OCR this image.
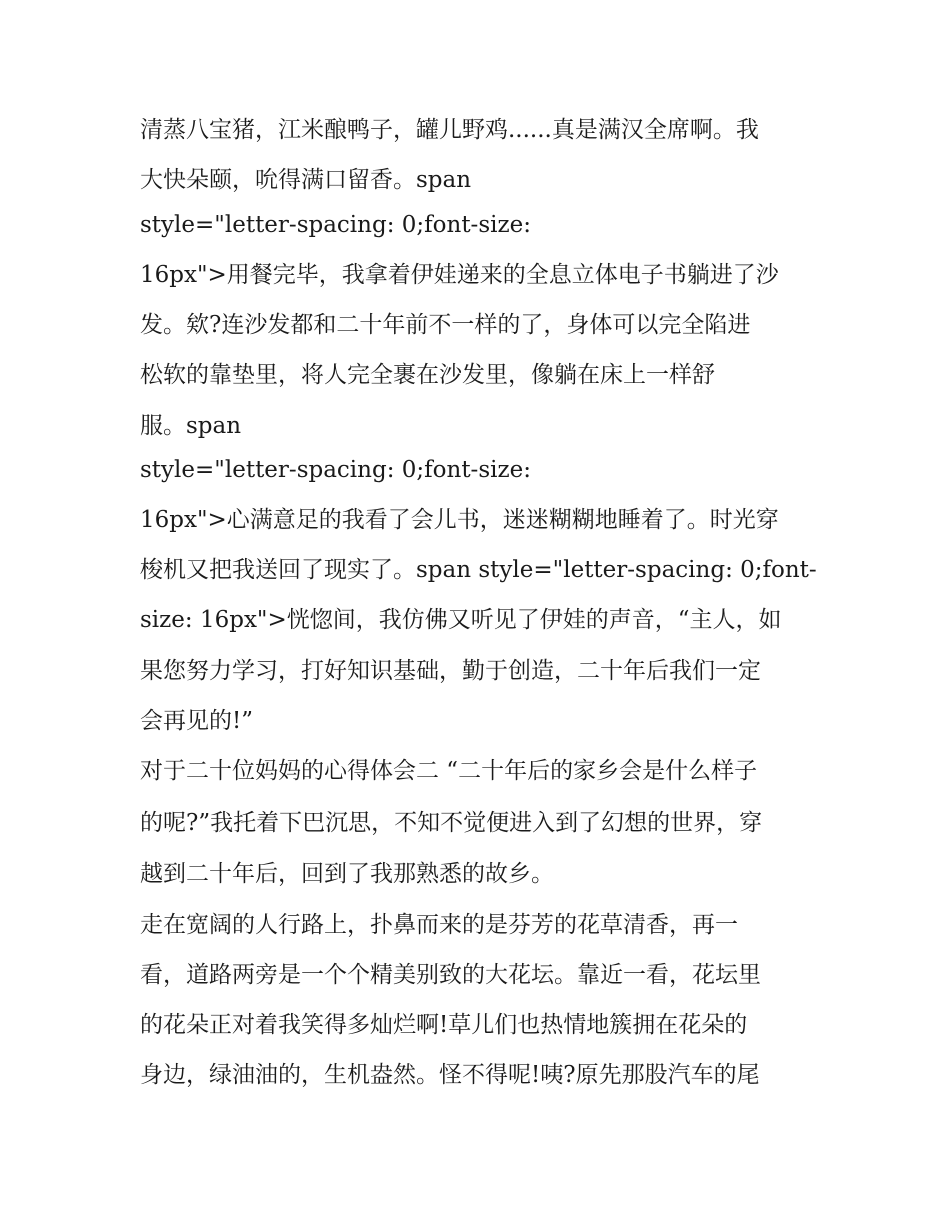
清蒸八宝猪，江米酿鸭子，罐儿野鸡......真是满汉全席啊。我
大快朵颐，吮得满口留香。span
style="letter-spacing: 0;font-size:
16px">用餐完毕，我拿着伊娃递来的全息立体电子书躺进了沙
发。欸?连沙发都和二十年前不一样的了，身体可以完全陷进
松软的靠垫里，将人完全裹在沙发里，像躺在床上一样舒
服。span
style="letter-spacing: 0;font-size:
16px">心满意足的我看了会儿书，迷迷糊糊地睡着了。时光穿
梭机又把我送回了现实了。span style="letter-spacing: 0;font-
size: 16px">恍惚间，我仿佛又听见了伊娃的声音，“主人，如
果您努力学习，打好知识基础，勤于创造，二十年后我们一定
会再见的!”
对于二十位妈妈的心得体会二 “二十年后的家乡会是什么样子
的呢?”我托着下巴沉思，不知不觉便进入到了幻想的世界，穿
越到二十年后，回到了我那熟悉的故乡。
走在宽阔的人行路上，扑鼻而来的是芬芳的花草清香，再一
看，道路两旁是一个个精美别致的大花坛。靠近一看，花坛里
的花朵正对着我笑得多灿烂啊!草儿们也热情地簇拥在花朵的
身边，绿油油的，生机盎然。怪不得呢!咦?原先那股汽车的尾
